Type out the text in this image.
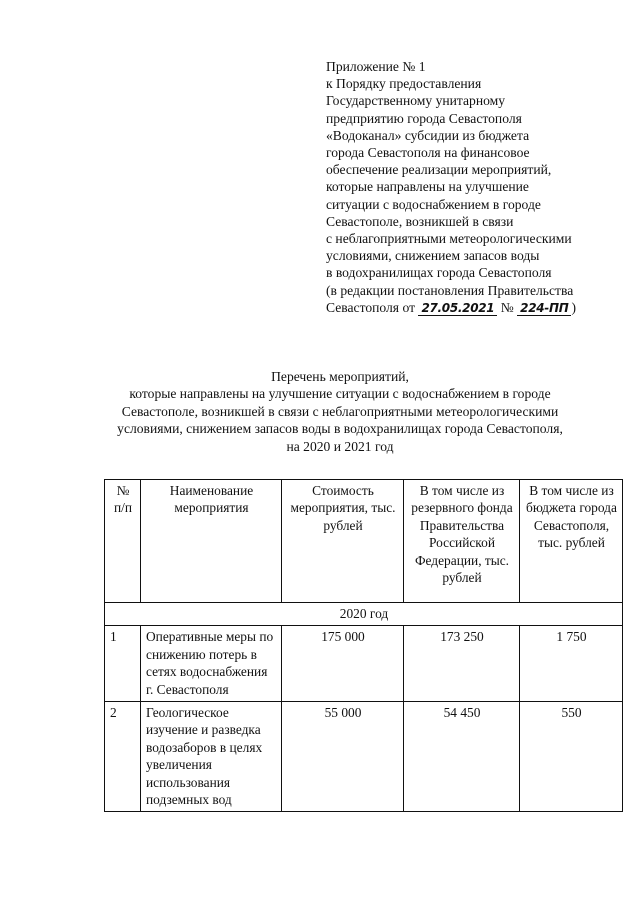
Приложение № 1
к Порядку предоставления
Государственному унитарному
предприятию города Севастополя
«Водоканал» субсидии из бюджета
города Севастополя на финансовое
обеспечение реализации мероприятий,
которые направлены на улучшение
ситуации с водоснабжением в городе
Севастополе, возникшей в связи
с неблагоприятными метеорологическими
условиями, снижением запасов воды
в водохранилищах города Севастополя
(в редакции постановления Правительства
Севастополя от 27.05.2021 № 224-ПП )
Перечень мероприятий,
которые направлены на улучшение ситуации с водоснабжением в городе
Севастополе, возникшей в связи с неблагоприятными метеорологическими
условиями, снижением запасов воды в водохранилищах города Севастополя,
на 2020 и 2021 год
№ п/п	Наименование мероприятия	Стоимость мероприятия, тыс. рублей	В том числе из резервного фонда Правительства Российской Федерации, тыс. рублей	В том числе из бюджета города Севастополя, тыс. рублей
2020 год				
1	Оперативные меры по снижению потерь в сетях водоснабжения г. Севастополя	175 000	173 250	1 750
2	Геологическое изучение и разведка водозаборов в целях увеличения использования подземных вод	55 000	54 450	550
